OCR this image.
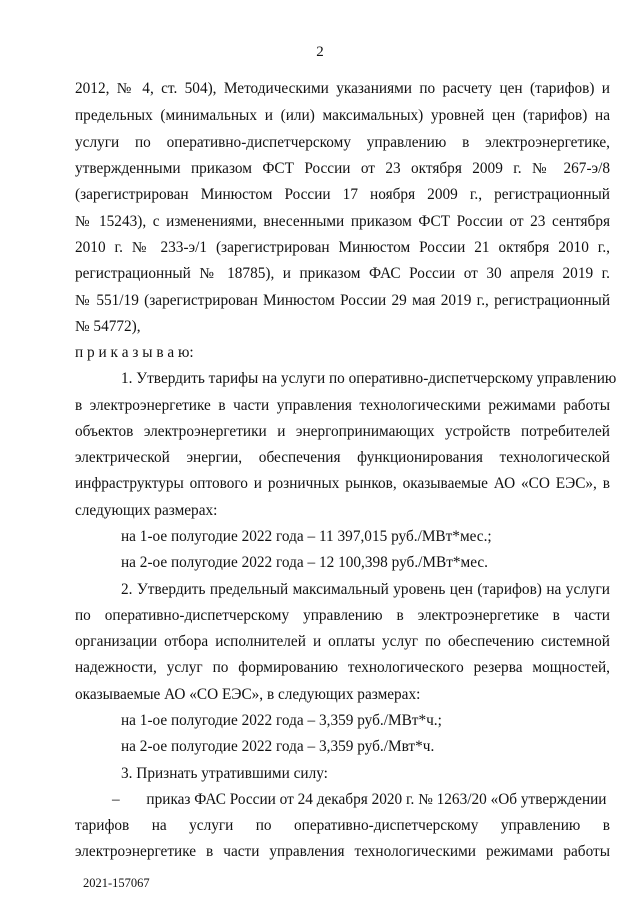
2
2012, № 4, ст. 504), Методическими указаниями по расчету цен (тарифов) и
предельных (минимальных и (или) максимальных) уровней цен (тарифов) на
услуги по оперативно-диспетчерскому управлению в электроэнергетике,
утвержденными приказом ФСТ России от 23 октября 2009 г. № 267-э/8
(зарегистрирован Минюстом России 17 ноября 2009 г., регистрационный
№ 15243), с изменениями, внесенными приказом ФСТ России от 23 сентября
2010 г. № 233-э/1 (зарегистрирован Минюстом России 21 октября 2010 г.,
регистрационный № 18785), и приказом ФАС России от 30 апреля 2019 г.
№ 551/19 (зарегистрирован Минюстом России 29 мая 2019 г., регистрационный
№ 54772),
п р и к а з ы в а ю:
1. Утвердить тарифы на услуги по оперативно-диспетчерскому управлению
в электроэнергетике в части управления технологическими режимами работы
объектов электроэнергетики и энергопринимающих устройств потребителей
электрической энергии, обеспечения функционирования технологической
инфраструктуры оптового и розничных рынков, оказываемые АО «СО ЕЭС», в
следующих размерах:
на 1-ое полугодие 2022 года – 11 397,015 руб./МВт*мес.;
на 2-ое полугодие 2022 года – 12 100,398 руб./МВт*мес.
2. Утвердить предельный максимальный уровень цен (тарифов) на услуги
по оперативно-диспетчерскому управлению в электроэнергетике в части
организации отбора исполнителей и оплаты услуг по обеспечению системной
надежности, услуг по формированию технологического резерва мощностей,
оказываемые АО «СО ЕЭС», в следующих размерах:
на 1-ое полугодие 2022 года – 3,359 руб./МВт*ч.;
на 2-ое полугодие 2022 года – 3,359 руб./Мвт*ч.
3. Признать утратившими силу:
–       приказ ФАС России от 24 декабря 2020 г. № 1263/20 «Об утверждении
тарифов на услуги по оперативно-диспетчерскому управлению в
электроэнергетике в части управления технологическими режимами работы
2021-157067
